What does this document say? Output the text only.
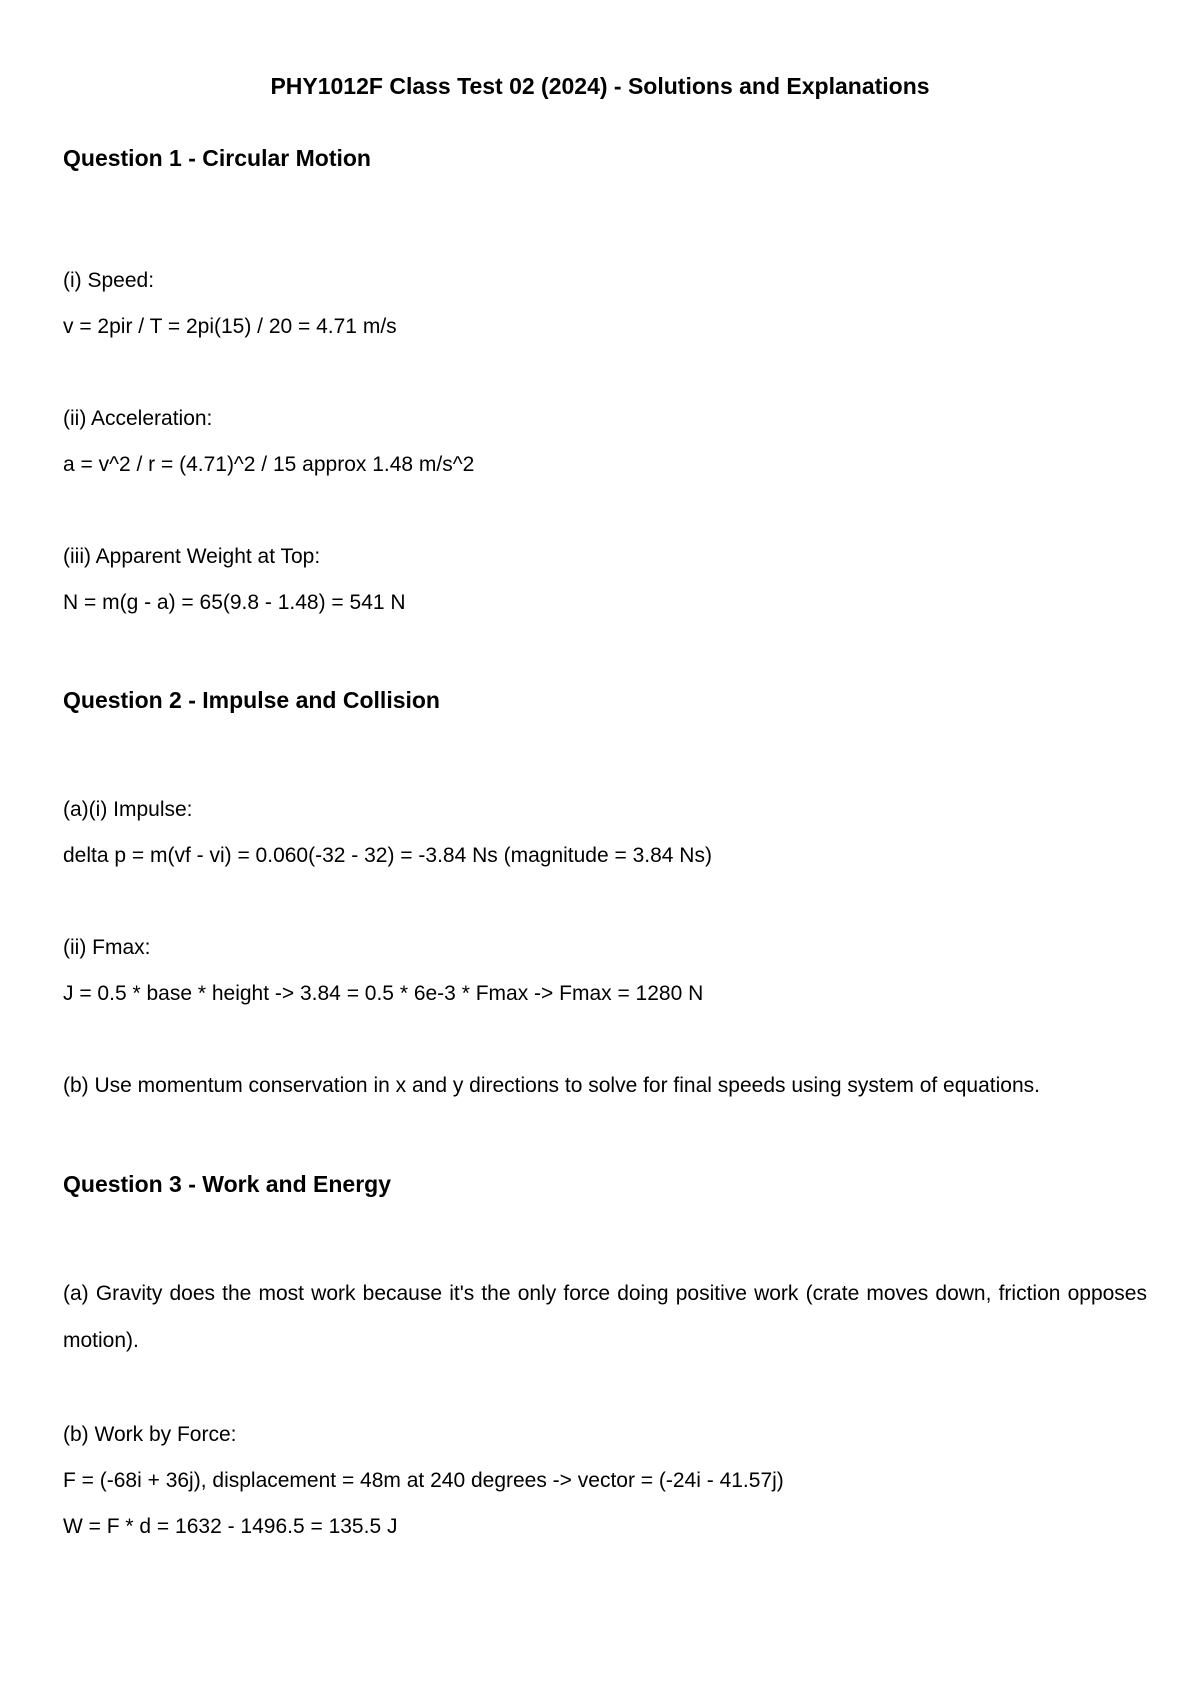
PHY1012F Class Test 02 (2024) - Solutions and Explanations
Question 1 - Circular Motion
(i) Speed:
v = 2pir / T = 2pi(15) / 20 = 4.71 m/s
(ii) Acceleration:
a = v^2 / r = (4.71)^2 / 15 approx 1.48 m/s^2
(iii) Apparent Weight at Top:
N = m(g - a) = 65(9.8 - 1.48) = 541 N
Question 2 - Impulse and Collision
(a)(i) Impulse:
delta p = m(vf - vi) = 0.060(-32 - 32) = -3.84 Ns (magnitude = 3.84 Ns)
(ii) Fmax:
J = 0.5 * base * height -> 3.84 = 0.5 * 6e-3 * Fmax -> Fmax = 1280 N
(b) Use momentum conservation in x and y directions to solve for final speeds using system of equations.
Question 3 - Work and Energy
(a) Gravity does the most work because it's the only force doing positive work (crate moves down, friction opposes motion).
(b) Work by Force:
F = (-68i + 36j), displacement = 48m at 240 degrees -> vector = (-24i - 41.57j)
W = F * d = 1632 - 1496.5 = 135.5 J
